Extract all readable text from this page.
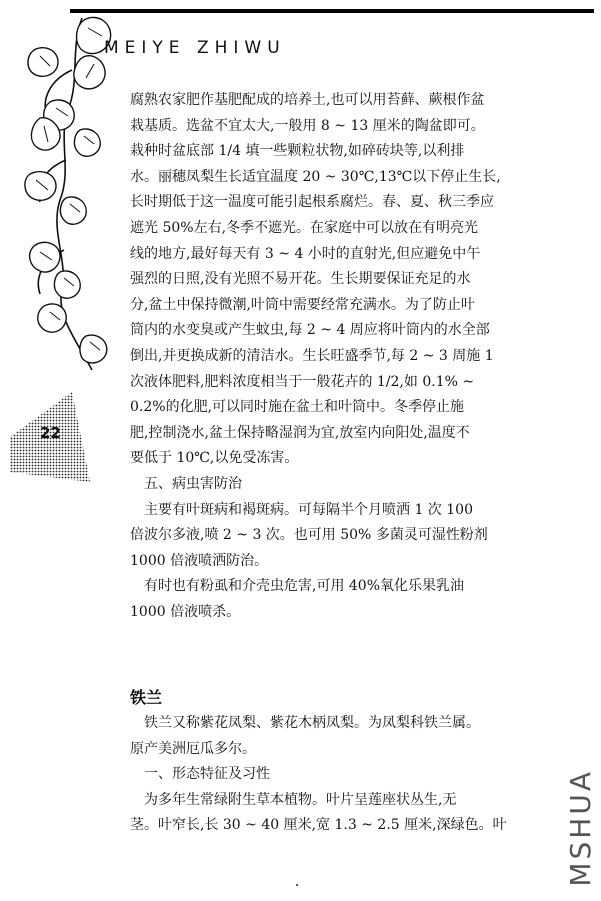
22
MEIYE ZHIWU

腐熟农家肥作基肥配成的培养土,也可以用苔藓、蕨根作盆

栽基质。选盆不宜太大,一般用 8 ~ 13 厘米的陶盆即可。

栽种时盆底部 1/4 填一些颗粒状物,如碎砖块等,以利排

水。丽穗凤梨生长适宜温度 20 ~ 30℃,13℃以下停止生长,

长时期低于这一温度可能引起根系腐烂。春、夏、秋三季应

遮光 50%左右,冬季不遮光。在家庭中可以放在有明亮光

线的地方,最好每天有 3 ~ 4 小时的直射光,但应避免中午

强烈的日照,没有光照不易开花。生长期要保证充足的水

分,盆土中保持微潮,叶筒中需要经常充满水。为了防止叶

筒内的水变臭或产生蚊虫,每 2 ~ 4 周应将叶筒内的水全部

倒出,并更换成新的清洁水。生长旺盛季节,每 2 ~ 3 周施 1

次液体肥料,肥料浓度相当于一般花卉的 1/2,如 0.1% ~

0.2%的化肥,可以同时施在盆土和叶筒中。冬季停止施

肥,控制浇水,盆土保持略湿润为宜,放室内向阳处,温度不

要低于 10℃,以免受冻害。

五、病虫害防治

主要有叶斑病和褐斑病。可每隔半个月喷洒 1 次 100

倍波尔多液,喷 2 ~ 3 次。也可用 50% 多菌灵可湿性粉剂

1000 倍液喷洒防治。

有时也有粉虱和介壳虫危害,可用 40%氧化乐果乳油

1000 倍液喷杀。

铁兰

铁兰又称紫花凤梨、紫花木柄凤梨。为凤梨科铁兰属。

原产美洲厄瓜多尔。

一、形态特征及习性

为多年生常绿附生草本植物。叶片呈莲座状丛生,无

茎。叶窄长,长 30 ~ 40 厘米,宽 1.3 ~ 2.5 厘米,深绿色。叶	MSHUA
